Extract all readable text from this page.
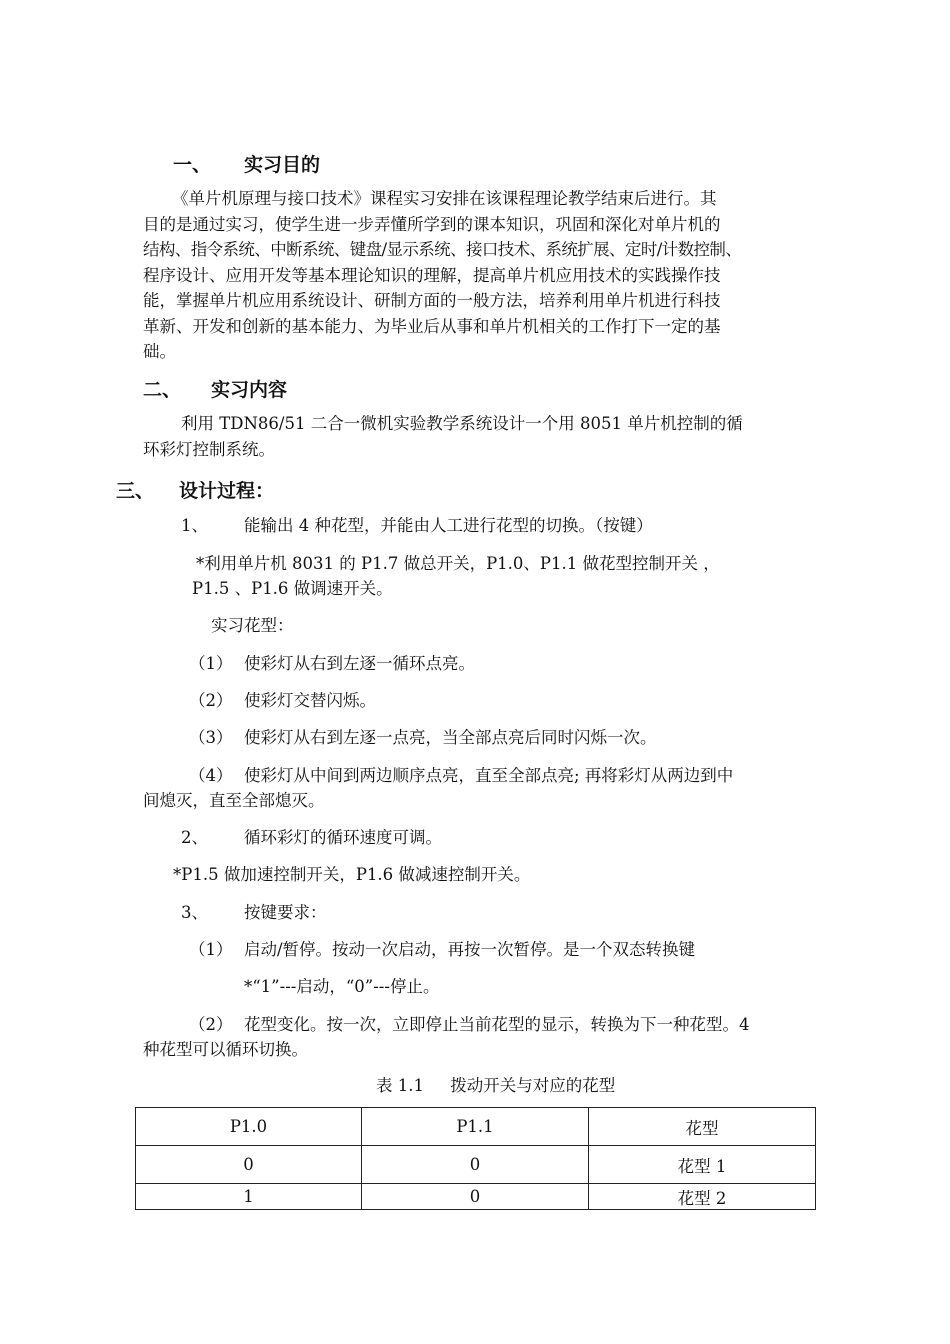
一、 实习目的
《单片机原理与接口技术》课程实习安排在该课程理论教学结束后进行。其
目的是通过实习，使学生进一步弄懂所学到的课本知识，巩固和深化对单片机的
结构、指令系统、中断系统、键盘/显示系统、接口技术、系统扩展、定时/计数控制、
程序设计、应用开发等基本理论知识的理解，提高单片机应用技术的实践操作技
能，掌握单片机应用系统设计、研制方面的一般方法，培养利用单片机进行科技
革新、开发和创新的基本能力、为毕业后从事和单片机相关的工作打下一定的基
础。
二、 实习内容
利用 TDN86/51 二合一微机实验教学系统设计一个用 8051 单片机控制的循
环彩灯控制系统。
三、 设计过程：
1、 能输出 4 种花型，并能由人工进行花型的切换。（按键）
*利用单片机 8031 的 P1.7 做总开关，P1.0、P1.1 做花型控制开关 ，
P1.5 、P1.6 做调速开关。
实习花型：
（1） 使彩灯从右到左逐一循环点亮。
（2） 使彩灯交替闪烁。
（3） 使彩灯从右到左逐一点亮，当全部点亮后同时闪烁一次。
（4） 使彩灯从中间到两边顺序点亮，直至全部点亮; 再将彩灯从两边到中
间熄灭，直至全部熄灭。
2、 循环彩灯的循环速度可调。
*P1.5 做加速控制开关，P1.6 做减速控制开关。
3、 按键要求：
（1） 启动/暂停。按动一次启动，再按一次暂停。是一个双态转换键
*“1”---启动，“0”---停止。
（2） 花型变化。按一次，立即停止当前花型的显示，转换为下一种花型。4
种花型可以循环切换。
表 1.1     拨动开关与对应的花型
P1.0	P1.1	花型
0	0	花型 1
1	0	花型 2
